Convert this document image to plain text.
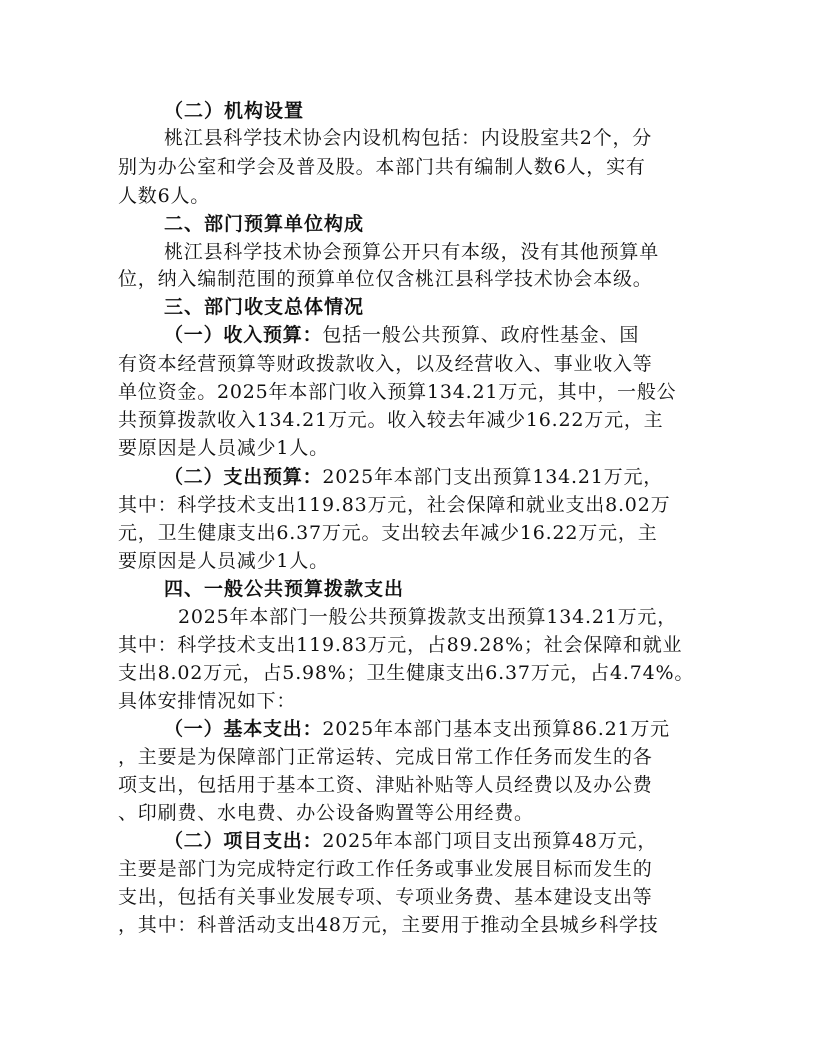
（二）机构设置
桃江县科学技术协会内设机构包括：内设股室共2个，分
别为办公室和学会及普及股。本部门共有编制人数6人，实有
人数6人。
二、部门预算单位构成
桃江县科学技术协会预算公开只有本级，没有其他预算单
位，纳入编制范围的预算单位仅含桃江县科学技术协会本级。
三、部门收支总体情况
（一）收入预算：包括一般公共预算、政府性基金、国
有资本经营预算等财政拨款收入，以及经营收入、事业收入等
单位资金。2025年本部门收入预算134.21万元，其中，一般公
共预算拨款收入134.21万元。收入较去年减少16.22万元，主
要原因是人员减少1人。
（二）支出预算：2025年本部门支出预算134.21万元，
其中：科学技术支出119.83万元，社会保障和就业支出8.02万
元，卫生健康支出6.37万元。支出较去年减少16.22万元，主
要原因是人员减少1人。
四、一般公共预算拨款支出
2025年本部门一般公共预算拨款支出预算134.21万元，
其中：科学技术支出119.83万元，占89.28%；社会保障和就业
支出8.02万元，占5.98%；卫生健康支出6.37万元，占4.74%。
具体安排情况如下：
（一）基本支出：2025年本部门基本支出预算86.21万元
，主要是为保障部门正常运转、完成日常工作任务而发生的各
项支出，包括用于基本工资、津贴补贴等人员经费以及办公费
、印刷费、水电费、办公设备购置等公用经费。
（二）项目支出：2025年本部门项目支出预算48万元，
主要是部门为完成特定行政工作任务或事业发展目标而发生的
支出，包括有关事业发展专项、专项业务费、基本建设支出等
，其中：科普活动支出48万元，主要用于推动全县城乡科学技
